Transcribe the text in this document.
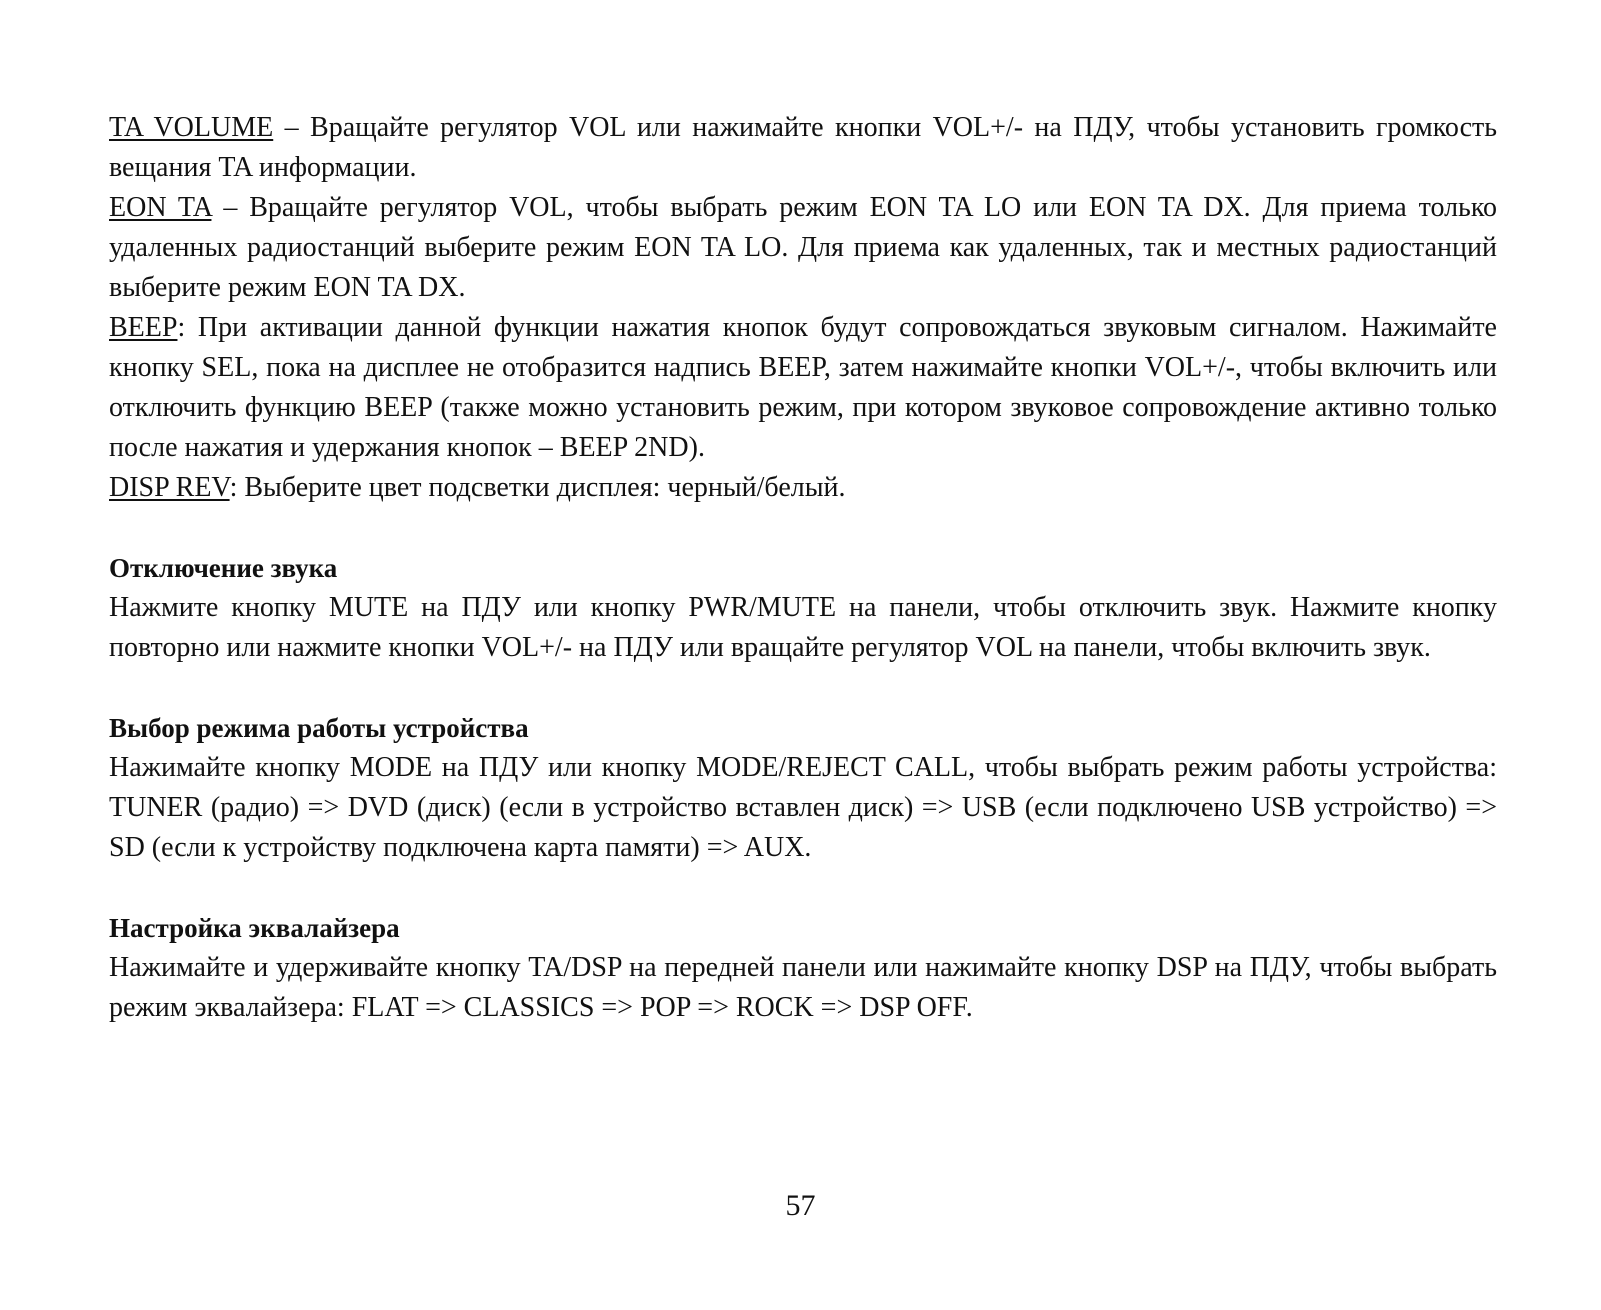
TA VOLUME – Вращайте регулятор VOL или нажимайте кнопки VOL+/- на ПДУ, чтобы установить громкость вещания TA информации.

EON TA – Вращайте регулятор VOL, чтобы выбрать режим EON TA LO или EON TA DX. Для приема только удаленных радиостанций выберите режим EON TA LO. Для приема как удаленных, так и местных радиостанций выберите режим EON TA DX.

BEEP: При активации данной функции нажатия кнопок будут сопровождаться звуковым сигналом. Нажимайте кнопку SEL, пока на дисплее не отобразится надпись BEEP, затем нажимайте кнопки VOL+/-, чтобы включить или отключить функцию BEEP (также можно установить режим, при котором звуковое сопровождение активно только после нажатия и удержания кнопок – BEEP 2ND).

DISP REV: Выберите цвет подсветки дисплея: черный/белый.

Отключение звука

Нажмите кнопку MUTE на ПДУ или кнопку PWR/MUTE на панели, чтобы отключить звук. Нажмите кнопку повторно или нажмите кнопки VOL+/- на ПДУ или вращайте регулятор VOL на панели, чтобы включить звук.

Выбор режима работы устройства

Нажимайте кнопку MODE на ПДУ или кнопку MODE/REJECT CALL, чтобы выбрать режим работы устройства: TUNER (радио) => DVD (диск) (если в устройство вставлен диск) => USB (если подключено USB устройство) => SD (если к устройству подключена карта памяти) => AUX.

Настройка эквалайзера

Нажимайте и удерживайте кнопку TA/DSP на передней панели или нажимайте кнопку DSP на ПДУ, чтобы выбрать режим эквалайзера: FLAT => CLASSICS => POP => ROCK => DSP OFF.

57
